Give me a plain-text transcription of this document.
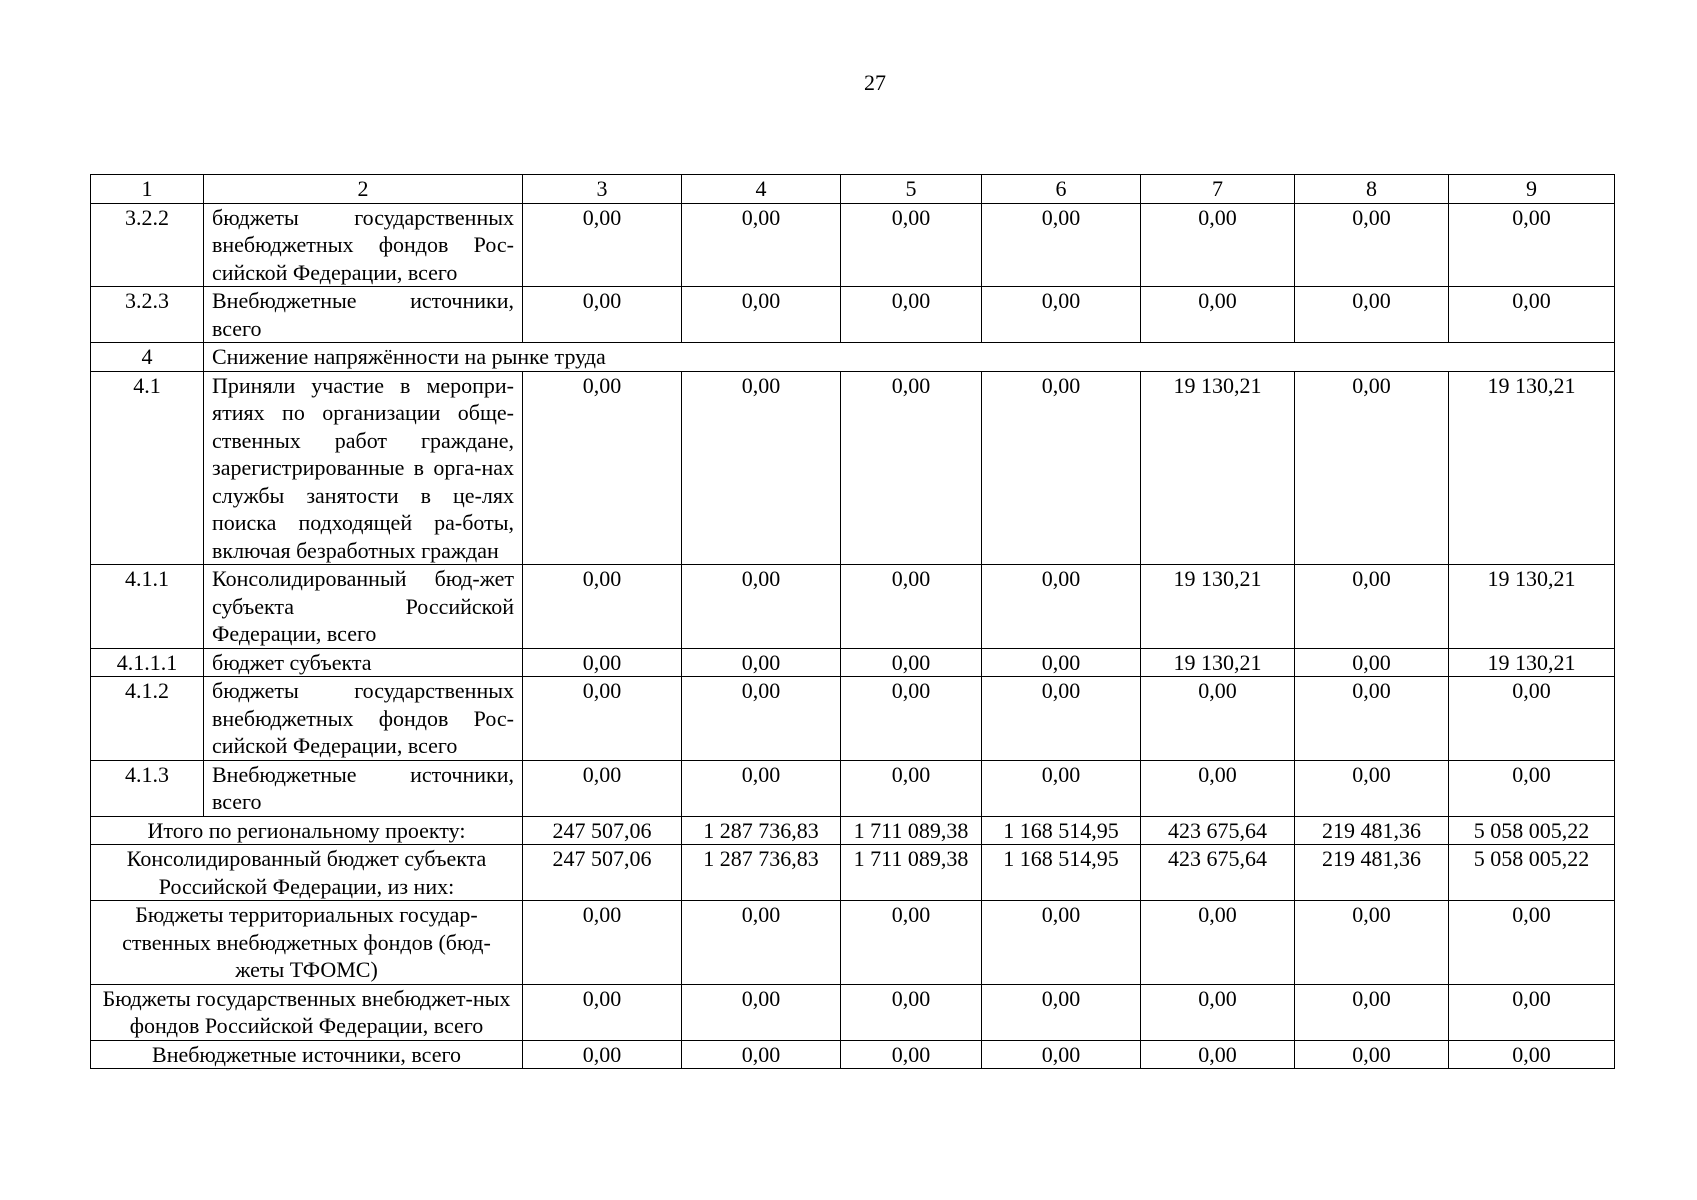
27
1	2	3	4	5	6	7	8	9
3.2.2	бюджеты государственных внебюджетных фондов Рос-сийской Федерации, всего	0,00	0,00	0,00	0,00	0,00	0,00	0,00
3.2.3	Внебюджетные источники, всего	0,00	0,00	0,00	0,00	0,00	0,00	0,00
4	Снижение напряжённости на рынке труда							
4.1	Приняли участие в меропри-ятиях по организации обще-ственных работ граждане, зарегистрированные в орга-нах службы занятости в це-лях поиска подходящей ра-боты, включая безработных граждан	0,00	0,00	0,00	0,00	19 130,21	0,00	19 130,21
4.1.1	Консолидированный бюд-жет субъекта Российской Федерации, всего	0,00	0,00	0,00	0,00	19 130,21	0,00	19 130,21
4.1.1.1	бюджет субъекта	0,00	0,00	0,00	0,00	19 130,21	0,00	19 130,21
4.1.2	бюджеты государственных внебюджетных фондов Рос-сийской Федерации, всего	0,00	0,00	0,00	0,00	0,00	0,00	0,00
4.1.3	Внебюджетные источники, всего	0,00	0,00	0,00	0,00	0,00	0,00	0,00
Итого по региональному проекту:		247 507,06	1 287 736,83	1 711 089,38	1 168 514,95	423 675,64	219 481,36	5 058 005,22
Консолидированный бюджет субъекта Российской Федерации, из них:		247 507,06	1 287 736,83	1 711 089,38	1 168 514,95	423 675,64	219 481,36	5 058 005,22
Бюджеты территориальных государ-ственных внебюджетных фондов (бюд-жеты ТФОМС)		0,00	0,00	0,00	0,00	0,00	0,00	0,00
Бюджеты государственных внебюджет-ных фондов Российской Федерации, всего		0,00	0,00	0,00	0,00	0,00	0,00	0,00
Внебюджетные источники, всего		0,00	0,00	0,00	0,00	0,00	0,00	0,00
